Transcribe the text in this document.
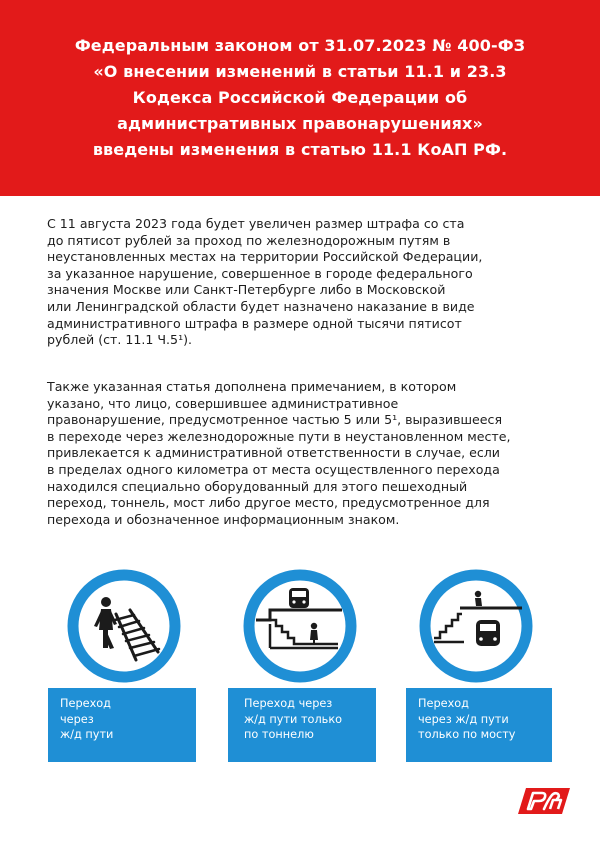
Федеральным законом от 31.07.2023 № 400-ФЗ
«О внесении изменений в статьи 11.1 и 23.3
Кодекса Российской Федерации об
административных правонарушениях»
введены изменения в статью 11.1 КоАП РФ.
С 11 августа 2023 года будет увеличен размер штрафа со ста
до пятисот рублей за проход по железнодорожным путям в
неустановленных местах на территории Российской Федерации,
за указанное нарушение, совершенное в городе федерального
значения Москве или Санкт-Петербурге либо в Московской
или Ленинградской области будет назначено наказание в виде
административного штрафа в размере одной тысячи пятисот
рублей (ст. 11.1 Ч.5¹).
Также указанная статья дополнена примечанием, в котором
указано, что лицо, совершившее административное
правонарушение, предусмотренное частью 5 или 5¹, выразившееся
в переходе через железнодорожные пути в неустановленном месте,
привлекается к административной ответственности в случае, если
в пределах одного километра от места осуществленного перехода
находился специально оборудованный для этого пешеходный
переход, тоннель, мост либо другое место, предусмотренное для
перехода и обозначенное информационным знаком.
Переход
через
ж/д пути
Переход через
ж/д пути только
по тоннелю
Переход
через ж/д пути
только по мосту
